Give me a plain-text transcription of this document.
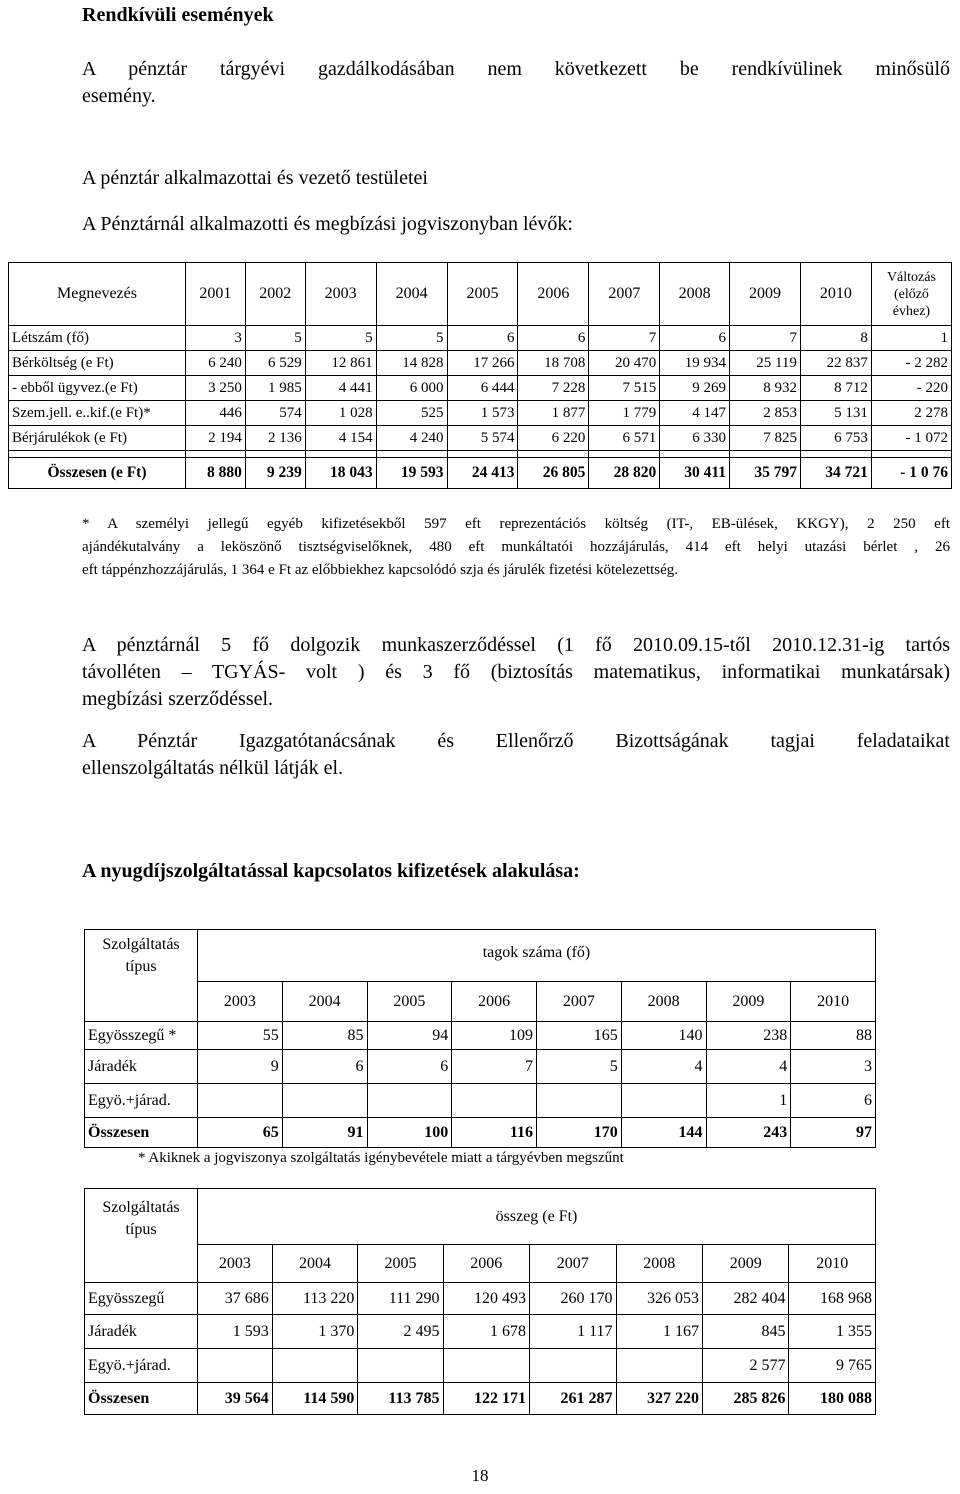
Rendkívüli események
A pénztár tárgyévi gazdálkodásában nem következett be rendkívülinek minősülő
esemény.
A pénztár alkalmazottai és vezető testületei
A Pénztárnál alkalmazotti és megbízási jogviszonyban lévők:
Megnevezés	2001	2002	2003	2004	2005	2006	2007	2008	2009	2010	Változás
(előző
évhez)

Létszám (fő)	3	5	5	5	6	6	7	6	7	8	1
Bérköltség (e Ft)	6 240	6 529	12 861	14 828	17 266	18 708	20 470	19 934	25 119	22 837	- 2 282
- ebből ügyvez.(e Ft)	3 250	1 985	4 441	6 000	6 444	7 228	7 515	9 269	8 932	8 712	- 220
Szem.jell. e..kif.(e Ft)*	446	574	1 028	525	1 573	1 877	1 779	4 147	2 853	5 131	2 278
Bérjárulékok (e Ft)	2 194	2 136	4 154	4 240	5 574	6 220	6 571	6 330	7 825	6 753	- 1 072

Összesen (e Ft)	8 880	9 239	18 043	19 593	24 413	26 805	28 820	30 411	35 797	34 721	- 1 0 76
* A személyi jellegű egyéb kifizetésekből 597 eft reprezentációs költség (IT-, EB-ülések, KKGY), 2 250 eft
ajándékutalvány a leköszönő tisztségviselőknek, 480 eft munkáltatói hozzájárulás, 414 eft helyi utazási bérlet , 26
eft táppénzhozzájárulás, 1 364 e Ft az előbbiekhez kapcsolódó szja és járulék fizetési kötelezettség.
A pénztárnál 5 fő dolgozik munkaszerződéssel (1 fő 2010.09.15-től 2010.12.31-ig tartós
távolléten – TGYÁS- volt ) és 3 fő (biztosítás matematikus, informatikai munkatársak)
megbízási szerződéssel.
A Pénztár Igazgatótanácsának és Ellenőrző Bizottságának tagjai feladataikat
ellenszolgáltatás nélkül látják el.
A nyugdíjszolgáltatással kapcsolatos kifizetések alakulása:
Szolgáltatás
típus	tagok száma (fő)							
	2003	2004	2005	2006	2007	2008	2009	2010
Egyösszegű *	55	85	94	109	165	140	238	88
Járadék	9	6	6	7	5	4	4	3
Egyö.+járad.							1	6
Összesen	65	91	100	116	170	144	243	97
* Akiknek a jogviszonya szolgáltatás igénybevétele miatt a tárgyévben megszűnt
Szolgáltatás
típus	összeg (e Ft)							
	2003	2004	2005	2006	2007	2008	2009	2010
Egyösszegű	37 686	113 220	111 290	120 493	260 170	326 053	282 404	168 968
Járadék	1 593	1 370	2 495	1 678	1 117	1 167	845	1 355
Egyö.+járad.							2 577	9 765
Összesen	39 564	114 590	113 785	122 171	261 287	327 220	285 826	180 088
18
